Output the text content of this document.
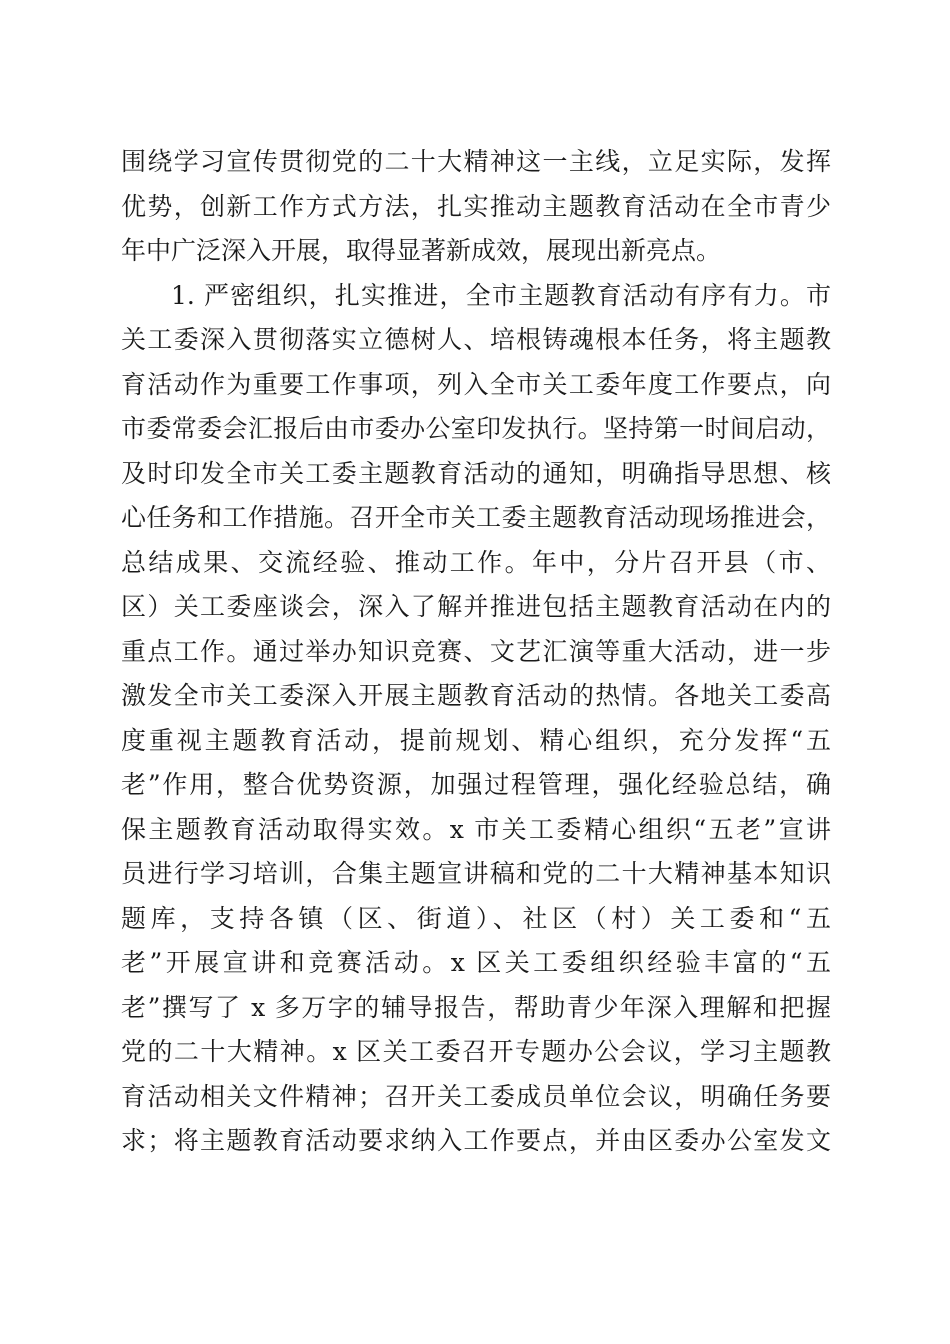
围绕学习宣传贯彻党的二十大精神这一主线，立足实际，发挥
优势，创新工作方式方法，扎实推动主题教育活动在全市青少
年中广泛深入开展，取得显著新成效，展现出新亮点。
1. 严密组织，扎实推进，全市主题教育活动有序有力。市
关工委深入贯彻落实立德树人、培根铸魂根本任务，将主题教
育活动作为重要工作事项，列入全市关工委年度工作要点，向
市委常委会汇报后由市委办公室印发执行。坚持第一时间启动，
及时印发全市关工委主题教育活动的通知，明确指导思想、核
心任务和工作措施。召开全市关工委主题教育活动现场推进会，
总结成果、交流经验、推动工作。年中，分片召开县（市、
区）关工委座谈会，深入了解并推进包括主题教育活动在内的
重点工作。通过举办知识竞赛、文艺汇演等重大活动，进一步
激发全市关工委深入开展主题教育活动的热情。各地关工委高
度重视主题教育活动，提前规划、精心组织，充分发挥“五
老”作用，整合优势资源，加强过程管理，强化经验总结，确
保主题教育活动取得实效。x 市关工委精心组织“五老”宣讲
员进行学习培训，合集主题宣讲稿和党的二十大精神基本知识
题库，支持各镇（区、街道）、社区（村）关工委和“五
老”开展宣讲和竞赛活动。x 区关工委组织经验丰富的“五
老”撰写了 x 多万字的辅导报告，帮助青少年深入理解和把握
党的二十大精神。x 区关工委召开专题办公会议，学习主题教
育活动相关文件精神；召开关工委成员单位会议，明确任务要
求；将主题教育活动要求纳入工作要点，并由区委办公室发文
